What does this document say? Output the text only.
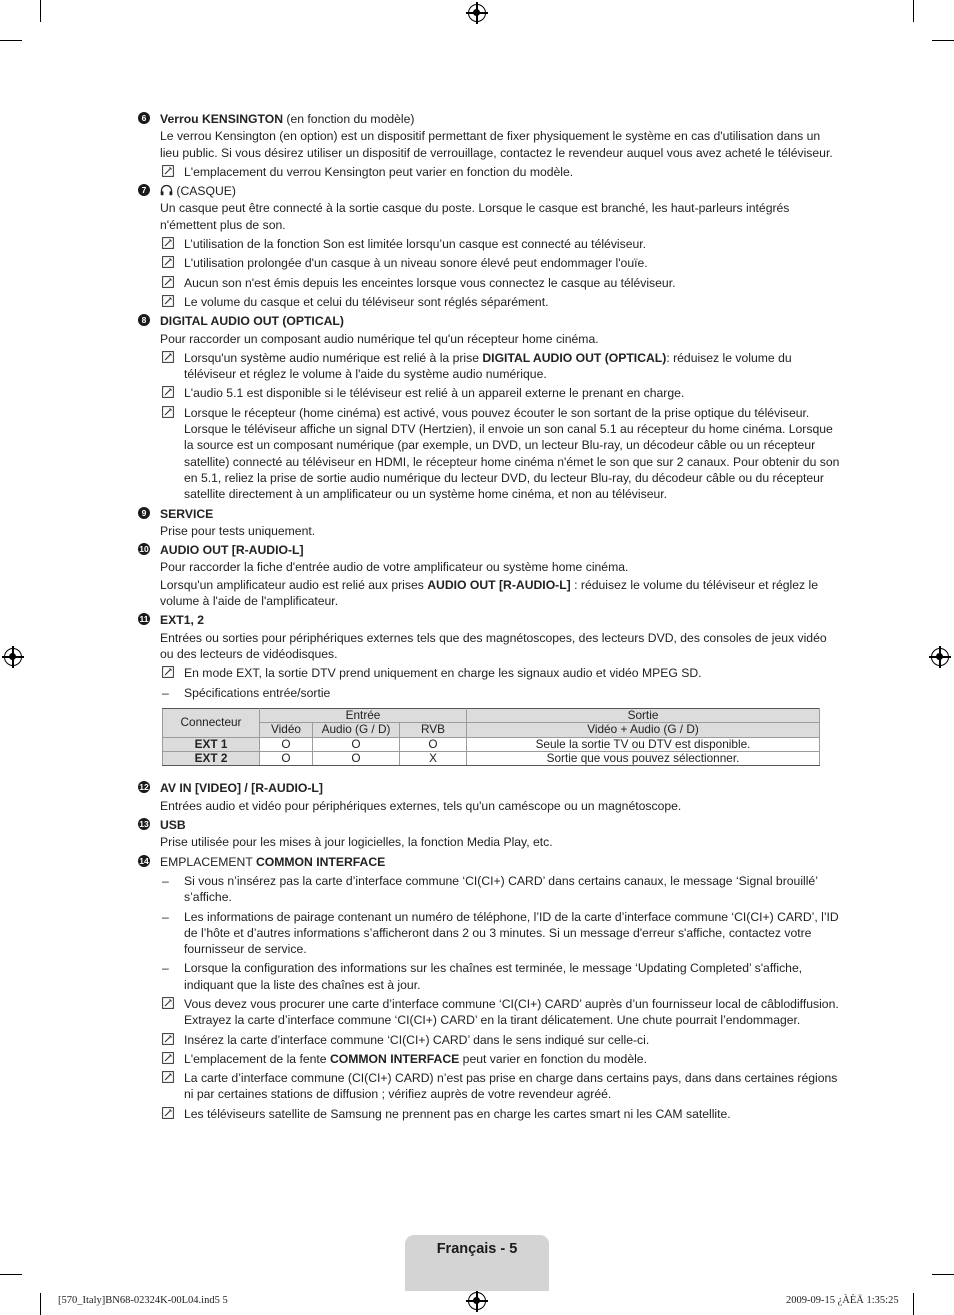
6 Verrou KENSINGTON (en fonction du modèle)

Le verrou Kensington (en option) est un dispositif permettant de fixer physiquement le système en cas d'utilisation dans un lieu public. Si vous désirez utiliser un dispositif de verrouillage, contactez le revendeur auquel vous avez acheté le téléviseur.

L'emplacement du verrou Kensington peut varier en fonction du modèle.
7	(CASQUE)

Un casque peut être connecté à la sortie casque du poste. Lorsque le casque est branché, les haut-parleurs intégrés n'émettent plus de son.

L’utilisation de la fonction Son est limitée lorsqu’un casque est connecté au téléviseur.
L'utilisation prolongée d'un casque à un niveau sonore élevé peut endommager l'ouïe.
Aucun son n'est émis depuis les enceintes lorsque vous connectez le casque au téléviseur.
Le volume du casque et celui du téléviseur sont réglés séparément.
8 DIGITAL AUDIO OUT (OPTICAL)

Pour raccorder un composant audio numérique tel qu'un récepteur home cinéma.

Lorsqu'un système audio numérique est relié à la prise DIGITAL AUDIO OUT (OPTICAL): réduisez le volume du téléviseur et réglez le volume à l'aide du système audio numérique.
L'audio 5.1 est disponible si le téléviseur est relié à un appareil externe le prenant en charge.
Lorsque le récepteur (home cinéma) est activé, vous pouvez écouter le son sortant de la prise optique du téléviseur. Lorsque le téléviseur affiche un signal DTV (Hertzien), il envoie un son canal 5.1 au récepteur du home cinéma. Lorsque la source est un composant numérique (par exemple, un DVD, un lecteur Blu-ray, un décodeur câble ou un récepteur satellite) connecté au téléviseur en HDMI, le récepteur home cinéma n'émet le son que sur 2 canaux. Pour obtenir du son en 5.1, reliez la prise de sortie audio numérique du lecteur DVD, du lecteur Blu-ray, du décodeur câble ou du récepteur satellite directement à un amplificateur ou un système home cinéma, et non au téléviseur.
9 SERVICE

Prise pour tests uniquement.

10 AUDIO OUT [R-AUDIO-L]

Pour raccorder la fiche d'entrée audio de votre amplificateur ou système home cinéma.

Lorsqu'un amplificateur audio est relié aux prises AUDIO OUT [R-AUDIO-L] : réduisez le volume du téléviseur et réglez le volume à l'aide de l'amplificateur.

11 EXT1, 2

Entrées ou sorties pour périphériques externes tels que des magnétoscopes, des lecteurs DVD, des consoles de jeux vidéo ou des lecteurs de vidéodisques.

En mode EXT, la sortie DTV prend uniquement en charge les signaux audio et vidéo MPEG SD.
– Spécifications entrée/sortie
Connecteur	Entrée			Sortie
	Vidéo	Audio (G / D)	RVB	Vidéo + Audio (G / D)
EXT 1	O	O	O	Seule la sortie TV ou DTV est disponible.
EXT 2	O	O	X	Sortie que vous pouvez sélectionner.
12 AV IN [VIDEO] / [R-AUDIO-L]

Entrées audio et vidéo pour périphériques externes, tels qu'un caméscope ou un magnétoscope.

13 USB

Prise utilisée pour les mises à jour logicielles, la fonction Media Play, etc.

14 EMPLACEMENT COMMON INTERFACE

– Si vous n’insérez pas la carte d’interface commune ‘CI(CI+) CARD’ dans certains canaux, le message ‘Signal brouillé’ s’affiche.
– Les informations de pairage contenant un numéro de téléphone, l’ID de la carte d’interface commune ‘CI(CI+) CARD’, l’ID de l’hôte et d’autres informations s’afficheront dans 2 ou 3 minutes. Si un message d'erreur s'affiche, contactez votre fournisseur de service.
– Lorsque la configuration des informations sur les chaînes est terminée, le message ‘Updating Completed’ s'affiche, indiquant que la liste des chaînes est à jour.
Vous devez vous procurer une carte d’interface commune ‘CI(CI+) CARD’ auprès d’un fournisseur local de câblodiffusion. Extrayez la carte d’interface commune ‘CI(CI+) CARD’ en la tirant délicatement. Une chute pourrait l’endommager.
Insérez la carte d’interface commune ‘CI(CI+) CARD’ dans le sens indiqué sur celle-ci.
L'emplacement de la fente COMMON INTERFACE peut varier en fonction du modèle.
La carte d’interface commune (CI(CI+) CARD) n’est pas prise en charge dans certains pays, dans dans certaines régions ni par certaines stations de diffusion ; vérifiez auprès de votre revendeur agréé.
Les téléviseurs satellite de Samsung ne prennent pas en charge les cartes smart ni les CAM satellite.
Français - 5
[570_Italy]BN68-02324K-00L04.ind5 5	2009-09-15 ¿ÀÈÄ 1:35:25
